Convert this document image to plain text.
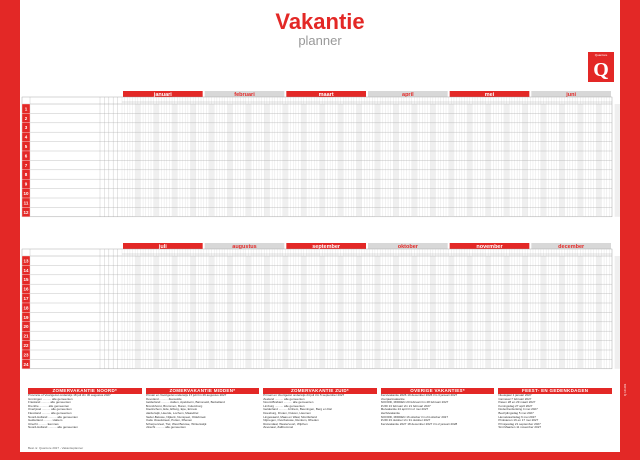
Vakantie
planner
Quantore
Q
januari	februari	maart	april	mei	juni
1
2
3
4
5
6
7
8
9
10
11
12
juli	augustus	september	oktober	november	december
13
14
15
16
17
18
19
20
21
22
23
24
ZOMERVAKANTIE NOORD*
Provincie of Voortgezet onderwijs 18 juli t/m 30 augustus 2027
Groningen .......... alle gemeenten
Friesland .......... alle gemeenten
Drenthe .......... alle gemeenten
Overijssel .......... alle gemeenten
Flevoland .......... alle gemeenten
Noord-Holland .......... alle gemeenten
Gelderland .......... Hattem
Utrecht .......... Eemnes
Noord-Holland .......... alle gemeenten
ZOMERVAKANTIE MIDDEN*
Primair en Voortgezet onderwijs 17 juli t/m 29 augustus 2027
Flevoland .......... Zeewolde
Gelderland .......... Aalten, Apeldoorn, Barneveld, Berkelland
Bronckhorst, Brummen, Buren, Culemborg
Doetinchem, Ede, Elburg, Epe, Ermelo
Harderwijk, Heerde, Lochem, Maasdriel
Neder-Betuwe, Nijkerk, Nunspeet, Oldebroek
Oude IJsselstreek, Putten, Rhenen
Scherpenzeel, Tiel, West Betuwe, Winterswijk
Utrecht .......... alle gemeenten
ZOMERVAKANTIE ZUID*
Primair en Voortgezet onderwijs 24 juli t/m 5 september 2027
Zeeland .......... alle gemeenten
Noord-Brabant .......... alle gemeenten
Limburg .......... alle gemeenten
Gelderland .......... Arnhem, Beuningen, Berg en Dal
Doesburg, Druten, Duiven, Heumen
Lingewaard, Maas en Waal, Montferland
Nijmegen, Overbetuwe, Renkum, Rheden
Rozendaal, Westervoort, Wijchen
Zevenaar, Zaltbommel
OVERIGE VAKANTIES*
Kerstvakantie 2026 19 december 2026 t/m 3 januari 2027
Voorjaarsvakantie
NOORD, MIDDEN 20 februari t/m 28 februari 2027
ZUID 13 februari t/m 21 februari 2027
Meivakantie 24 april t/m 2 mei 2027
Herfstvakantie
NOORD, MIDDEN 16 oktober t/m 24 oktober 2027
ZUID 23 oktober t/m 31 oktober 2027
Kerstvakantie 2027 18 december 2027 t/m 2 januari 2028
FEEST- EN GEDENKDAGEN
Nieuwjaar 1 januari 2027
Carnaval 7 februari 2027
Pasen 28 en 29 maart 2027
Koningsdag 27 april 2027
Dodenherdenking 4 mei 2027
Bevrijdingsdag 5 mei 2027
Hemelvaartsdag 6 mei 2027
Pinksteren 16 en 17 mei 2027
Prinsjesdag 21 september 2027
Sint Maarten 11 november 2027
Best.nr. Quantore 2027 - Vakantieplanner
Q 10 201
